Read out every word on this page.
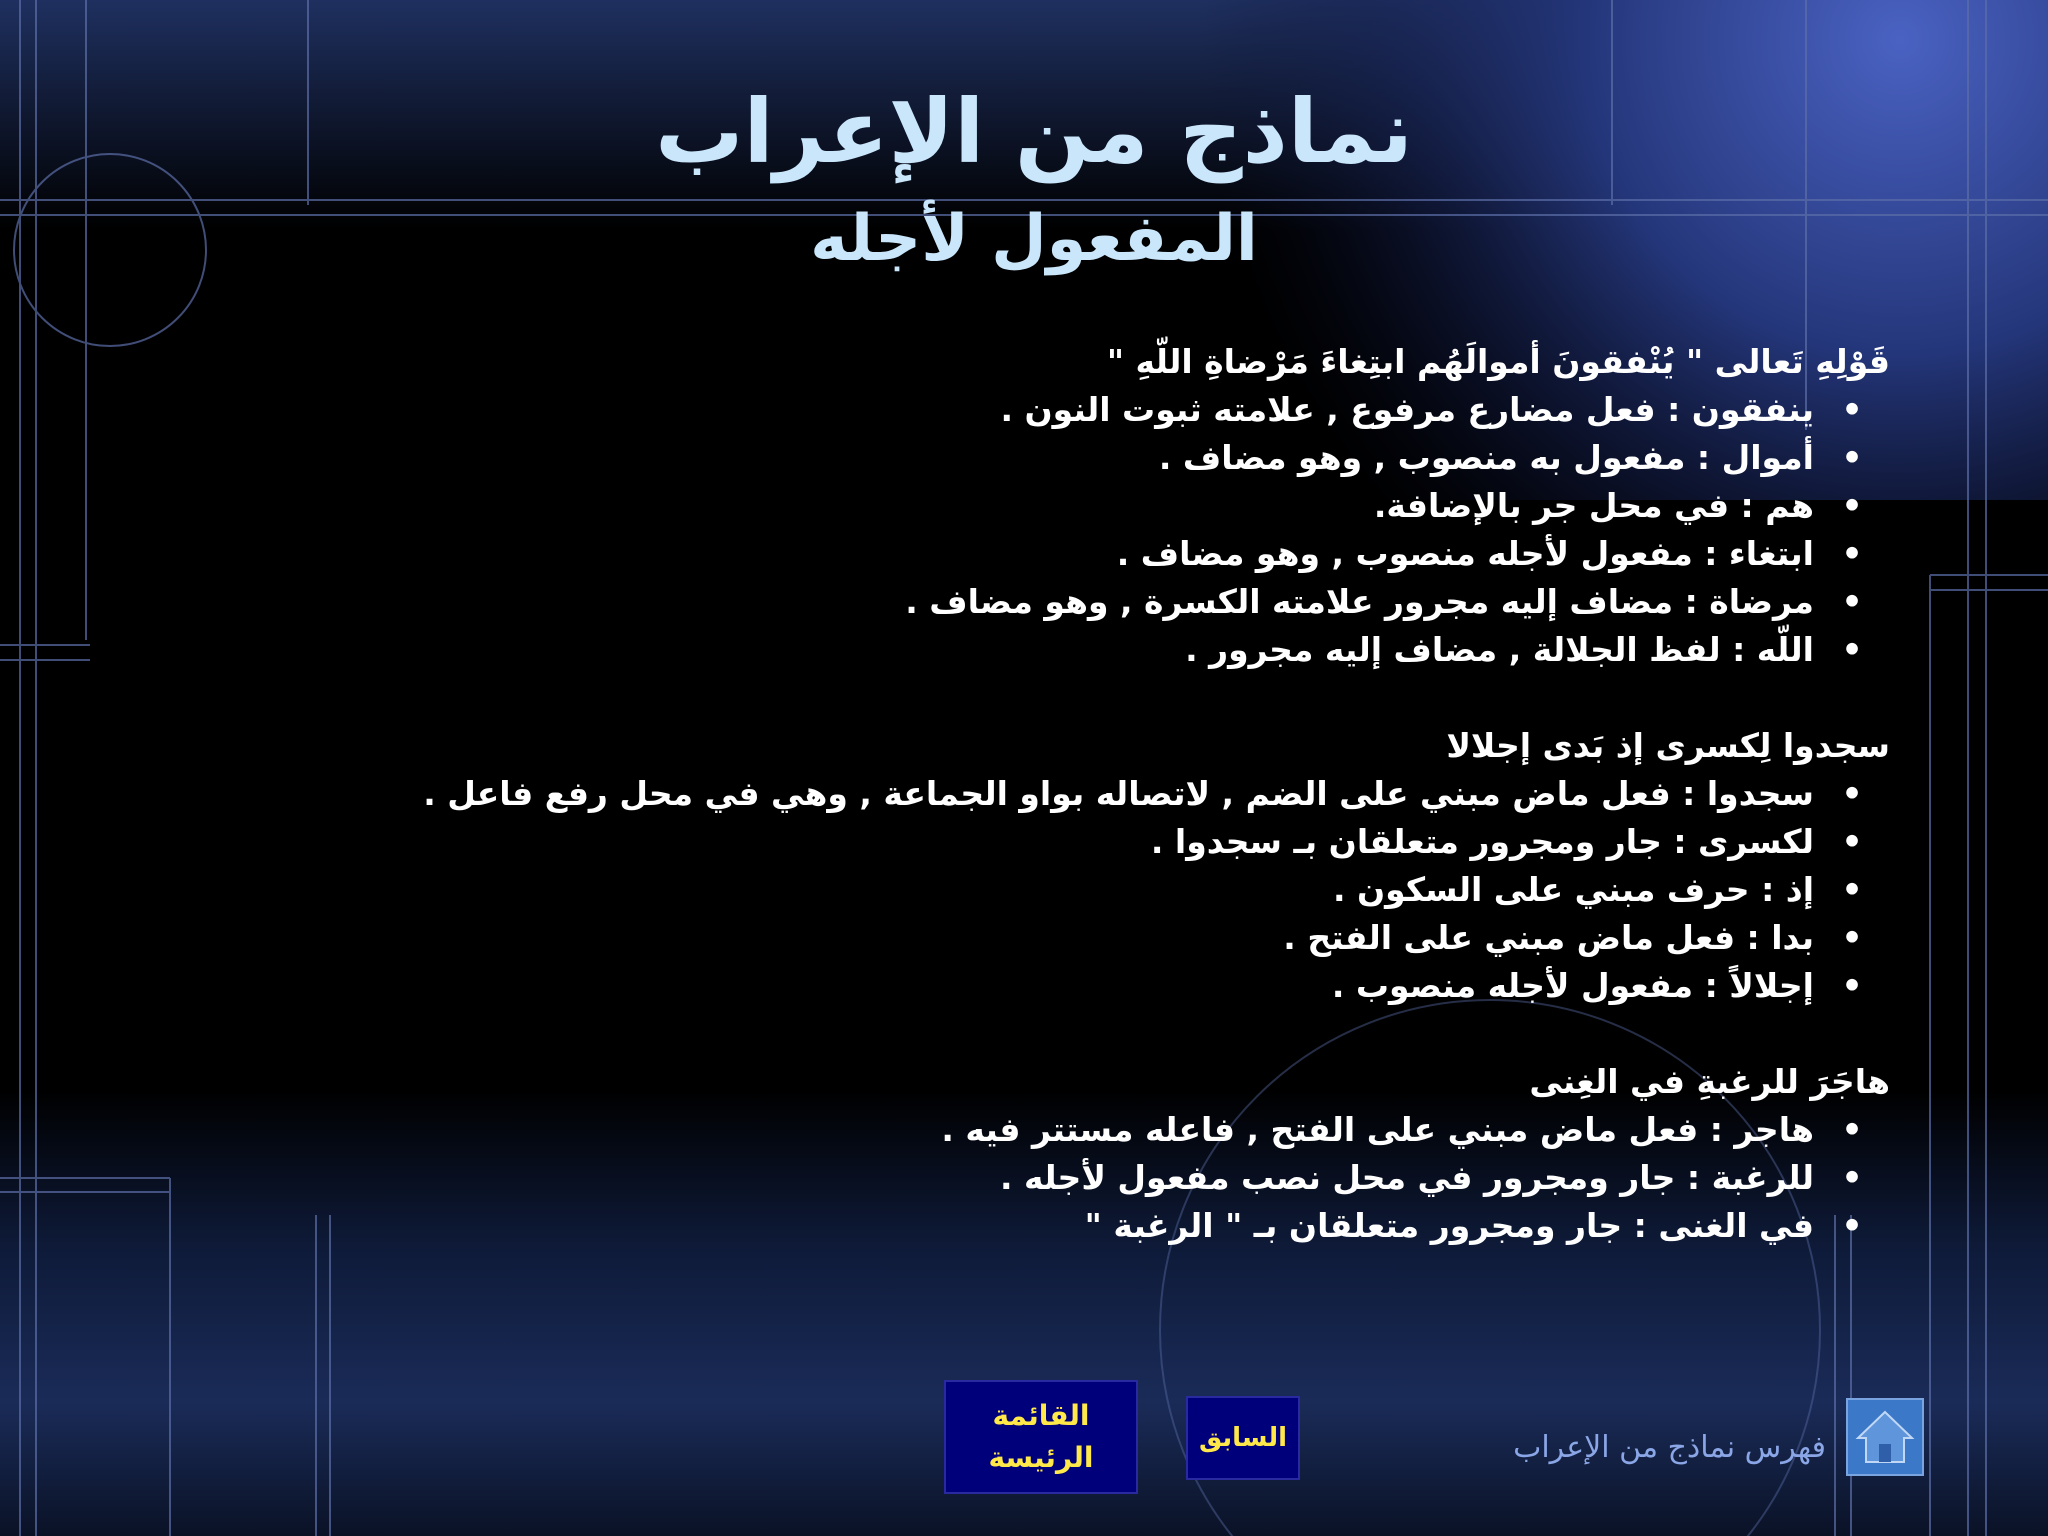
نماذج من الإعراب
المفعول لأجله
قَوْلِهِ تَعالى " يُنْفقونَ أموالَهُم ابتِغاءَ مَرْضاةِ اللّهِ "
•
ينفقون : فعل مضارع مرفوع , علامته ثبوت النون .
•
أموال : مفعول به منصوب , وهو مضاف .
•
هم : في محل جر بالإضافة.
•
ابتغاء : مفعول لأجله منصوب , وهو مضاف .
•
مرضاة : مضاف إليه مجرور علامته الكسرة , وهو مضاف .
•
اللّه : لفظ الجلالة , مضاف إليه مجرور .
سجدوا لِكسرى إذ بَدى إجلالا
•
سجدوا : فعل ماض مبني على الضم , لاتصاله بواو الجماعة , وهي في محل رفع فاعل .
•
لكسرى : جار ومجرور متعلقان بـ سجدوا .
•
إذ : حرف مبني على السكون .
•
بدا : فعل ماض مبني على الفتح .
•
إجلالاً : مفعول لأجله منصوب .
هاجَرَ للرغبةِ في الغِنى
•
هاجر : فعل ماض مبني على الفتح , فاعله مستتر فيه .
•
للرغبة : جار ومجرور في محل نصب مفعول لأجله .
•
في الغنى : جار ومجرور متعلقان بـ " الرغبة "
القائمة
الرئيسة
السابق	فهرس نماذج من الإعراب
